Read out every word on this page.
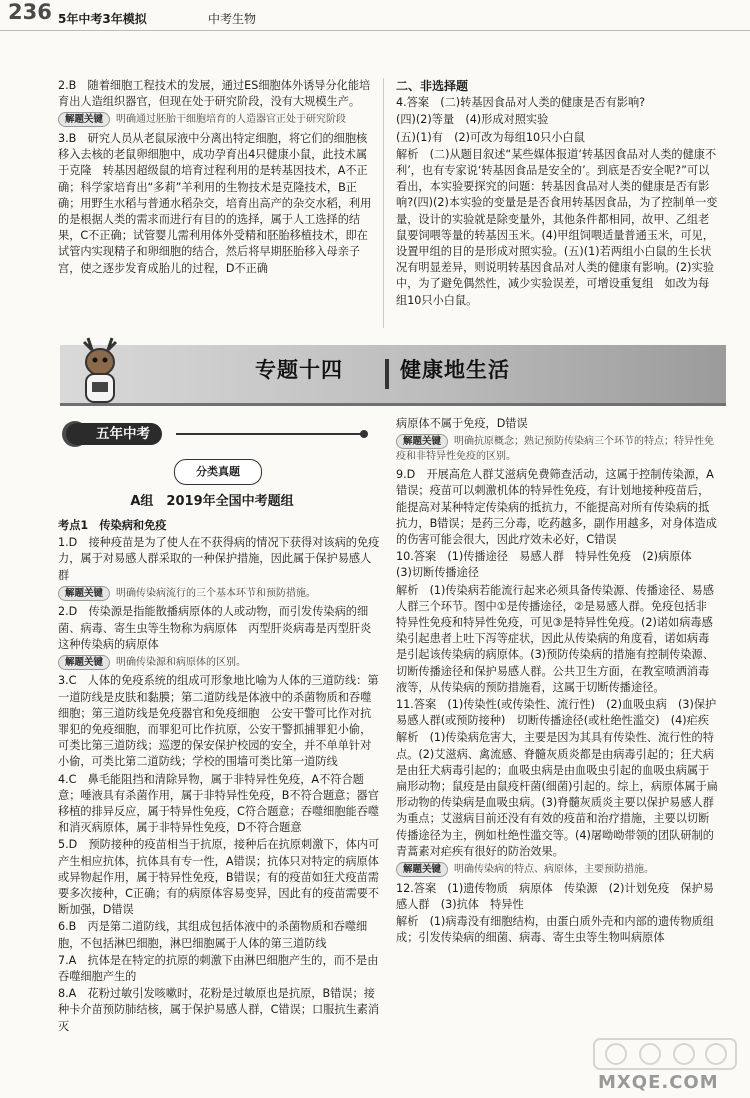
236 5年中考3年模拟	中考生物

2.B　随着细胞工程技术的发展，通过ES细胞体外诱导分化能培育出人造组织器官，但现在处于研究阶段，没有大规模生产。

解题关键 明确通过胚胎干细胞培育的人造器官正处于研究阶段

3.B　研究人员从老鼠尿液中分离出特定细胞，将它们的细胞核移入去核的老鼠卵细胞中，成功孕育出4只健康小鼠，此技术属于克隆　转基因超级鼠的培育过程利用的是转基因技术，A不正确；科学家培育出“多莉”羊利用的生物技术是克隆技术，B正确；用野生水稻与普通水稻杂交，培育出高产的杂交水稻，利用的是根据人类的需求而进行有目的的选择，属于人工选择的结果，C不正确；试管婴儿需利用体外受精和胚胎移植技术，即在试管内实现精子和卵细胞的结合，然后将早期胚胎移入母亲子宫，使之逐步发育成胎儿的过程，D不正确

二、非选择题

4.答案　(二)转基因食品对人类的健康是否有影响?

(四)(2)等量　(4)形成对照实验

(五)(1)有　(2)可改为每组10只小白鼠

解析　(二)从题目叙述“某些媒体报道‘转基因食品对人类的健康不利’，也有专家说‘转基因食品是安全的’。到底是否安全呢?”可以看出，本实验要探究的问题：转基因食品对人类的健康是否有影响?(四)(2)本实验的变量是是否食用转基因食品，为了控制单一变量，设计的实验就是除变量外，其他条件都相同，故甲、乙组老鼠要饲喂等量的转基因玉米。(4)甲组饲喂适量普通玉米，可见，设置甲组的目的是形成对照实验。(五)(1)若两组小白鼠的生长状况有明显差异，则说明转基因食品对人类的健康有影响。(2)实验中，为了避免偶然性，减少实验误差，可增设重复组　如改为每组10只小白鼠。

专题十四	健康地生活
五年中考
分类真题
A组　2019年全国中考题组

考点1　传染病和免疫

1.D　接种疫苗是为了使人在不获得病的情况下获得对该病的免疫力，属于对易感人群采取的一种保护措施，因此属于保护易感人群

解题关键 明确传染病流行的三个基本环节和预防措施。

2.D　传染源是指能散播病原体的人或动物，而引发传染病的细菌、病毒、寄生虫等生物称为病原体　丙型肝炎病毒是丙型肝炎这种传染病的病原体

解题关键 明确传染源和病原体的区别。

3.C　人体的免疫系统的组成可形象地比喻为人体的三道防线：第一道防线是皮肤和黏膜；第二道防线是体液中的杀菌物质和吞噬细胞；第三道防线是免疫器官和免疫细胞　公安干警可比作对抗罪犯的免疫细胞，而罪犯可比作抗原，公安干警抓捕罪犯小偷，可类比第三道防线；巡逻的保安保护校园的安全，并不单单针对小偷，可类比第二道防线；学校的围墙可类比第一道防线

4.C　鼻毛能阻挡和清除异物，属于非特异性免疫，A不符合题意；唾液具有杀菌作用，属于非特异性免疫，B不符合题意；器官移植的排异反应，属于特异性免疫，C符合题意；吞噬细胞能吞噬和消灭病原体，属于非特异性免疫，D不符合题意

5.D　预防接种的疫苗相当于抗原，接种后在抗原刺激下，体内可产生相应抗体，抗体具有专一性，A错误；抗体只对特定的病原体或异物起作用，属于特异性免疫，B错误；有的疫苗如狂犬疫苗需要多次接种，C正确；有的病原体容易变异，因此有的疫苗需要不断加强，D错误

6.B　丙是第二道防线，其组成包括体液中的杀菌物质和吞噬细胞，不包括淋巴细胞，淋巴细胞属于人体的第三道防线

7.A　抗体是在特定的抗原的刺激下由淋巴细胞产生的，而不是由吞噬细胞产生的

8.A　花粉过敏引发咳嗽时，花粉是过敏原也是抗原，B错误；接种卡介苗预防肺结核，属于保护易感人群，C错误；口服抗生素消灭

病原体不属于免疫，D错误

解题关键 明确抗原概念；熟记预防传染病三个环节的特点；特异性免疫和非特异性免疫的区别。

9.D　开展高危人群艾滋病免费筛查活动，这属于控制传染源，A错误；疫苗可以刺激机体的特异性免疫，有计划地接种疫苗后，能提高对某种特定传染病的抵抗力，不能提高对所有传染病的抵抗力，B错误；是药三分毒，吃药越多，副作用越多，对身体造成的伤害可能会很大，因此疗效未必好，C错误

10.答案　(1)传播途径　易感人群　特异性免疫　(2)病原体　(3)切断传播途径

解析　(1)传染病若能流行起来必须具备传染源、传播途径、易感人群三个环节。图中①是传播途径，②是易感人群。免疫包括非特异性免疫和特异性免疫，可见③是特异性免疫。(2)诺如病毒感染引起患者上吐下泻等症状，因此从传染病的角度看，诺如病毒是引起该传染病的病原体。(3)预防传染病的措施有控制传染源、切断传播途径和保护易感人群。公共卫生方面，在教室喷洒消毒液等，从传染病的预防措施看，这属于切断传播途径。

11.答案　(1)传染性(或传染性、流行性)　(2)血吸虫病　(3)保护易感人群(或预防接种)　切断传播途径(或杜绝性滥交)　(4)疟疾

解析　(1)传染病危害大，主要是因为其具有传染性、流行性的特点。(2)艾滋病、禽流感、脊髓灰质炎都是由病毒引起的；狂犬病是由狂犬病毒引起的；血吸虫病是由血吸虫引起的血吸虫病属于扁形动物；鼠疫是由鼠疫杆菌(细菌)引起的。综上，病原体属于扁形动物的传染病是血吸虫病。(3)脊髓灰质炎主要以保护易感人群为重点；艾滋病目前还没有有效的疫苗和治疗措施，主要以切断传播途径为主，例如杜绝性滥交等。(4)屠呦呦带领的团队研制的青蒿素对疟疾有很好的防治效果。

解题关键 明确传染病的特点、病原体，主要预防措施。

12.答案　(1)遗传物质　病原体　传染源　(2)计划免疫　保护易感人群　(3)抗体　特异性

解析　(1)病毒没有细胞结构，由蛋白质外壳和内部的遗传物质组成；引发传染病的细菌、病毒、寄生虫等生物叫病原体

MXQE.COM
